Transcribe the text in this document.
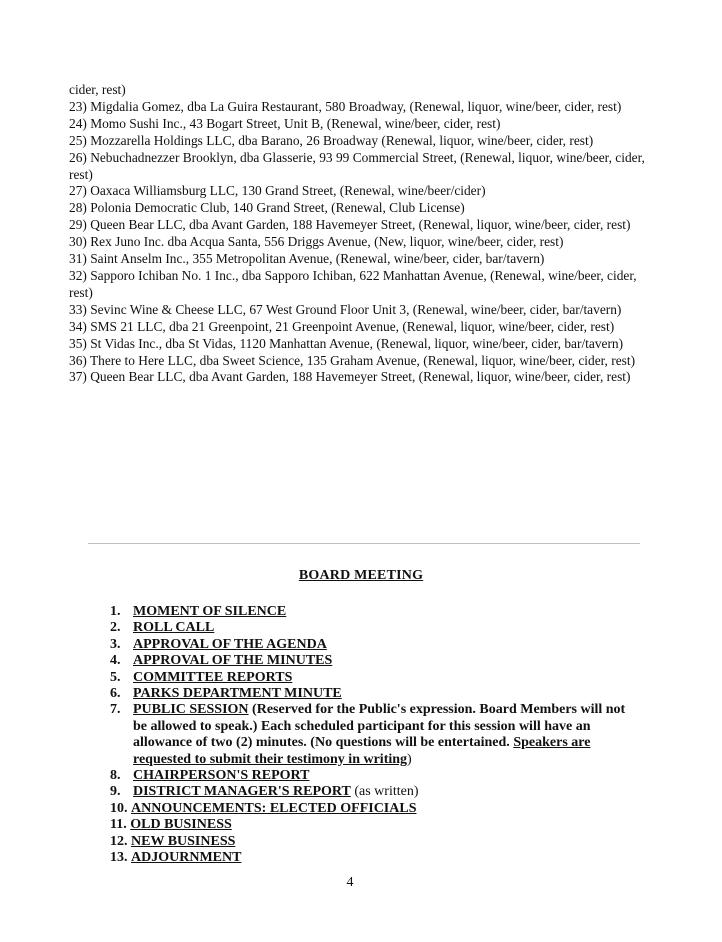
cider, rest)

23) Migdalia Gomez, dba La Guira Restaurant, 580 Broadway, (Renewal, liquor, wine/beer, cider, rest)

24) Momo Sushi Inc., 43 Bogart Street, Unit B, (Renewal, wine/beer, cider, rest)

25) Mozzarella Holdings LLC, dba Barano, 26 Broadway (Renewal, liquor, wine/beer, cider, rest)

26) Nebuchadnezzer Brooklyn, dba Glasserie, 93 99 Commercial Street, (Renewal, liquor, wine/beer, cider, rest)

27) Oaxaca Williamsburg LLC, 130 Grand Street, (Renewal, wine/beer/cider)

28) Polonia Democratic Club, 140 Grand Street, (Renewal, Club License)

29) Queen Bear LLC, dba Avant Garden, 188 Havemeyer Street, (Renewal, liquor, wine/beer, cider, rest)

30) Rex Juno Inc. dba Acqua Santa, 556 Driggs Avenue, (New, liquor, wine/beer, cider, rest)

31) Saint Anselm Inc., 355 Metropolitan Avenue, (Renewal, wine/beer, cider, bar/tavern)

32) Sapporo Ichiban No. 1 Inc., dba Sapporo Ichiban, 622 Manhattan Avenue, (Renewal, wine/beer, cider, rest)

33) Sevinc Wine & Cheese LLC, 67 West Ground Floor Unit 3, (Renewal, wine/beer, cider, bar/tavern)

34) SMS 21 LLC, dba 21 Greenpoint, 21 Greenpoint Avenue, (Renewal, liquor, wine/beer, cider, rest)

35) St Vidas Inc., dba St Vidas, 1120 Manhattan Avenue, (Renewal, liquor, wine/beer, cider, bar/tavern)

36) There to Here LLC, dba Sweet Science, 135 Graham Avenue, (Renewal, liquor, wine/beer, cider, rest)

37) Queen Bear LLC, dba Avant Garden, 188 Havemeyer Street, (Renewal, liquor, wine/beer, cider, rest)

BOARD MEETING
1. MOMENT OF SILENCE
2. ROLL CALL
3. APPROVAL OF THE AGENDA
4. APPROVAL OF THE MINUTES
5. COMMITTEE REPORTS
6. PARKS DEPARTMENT MINUTE
7. PUBLIC SESSION (Reserved for the Public's expression. Board Members will not be allowed to speak.) Each scheduled participant for this session will have an allowance of two (2) minutes. (No questions will be entertained. Speakers are requested to submit their testimony in writing)
8. CHAIRPERSON'S REPORT
9. DISTRICT MANAGER'S REPORT (as written)
10. ANNOUNCEMENTS: ELECTED OFFICIALS
11. OLD BUSINESS
12. NEW BUSINESS
13. ADJOURNMENT
4
